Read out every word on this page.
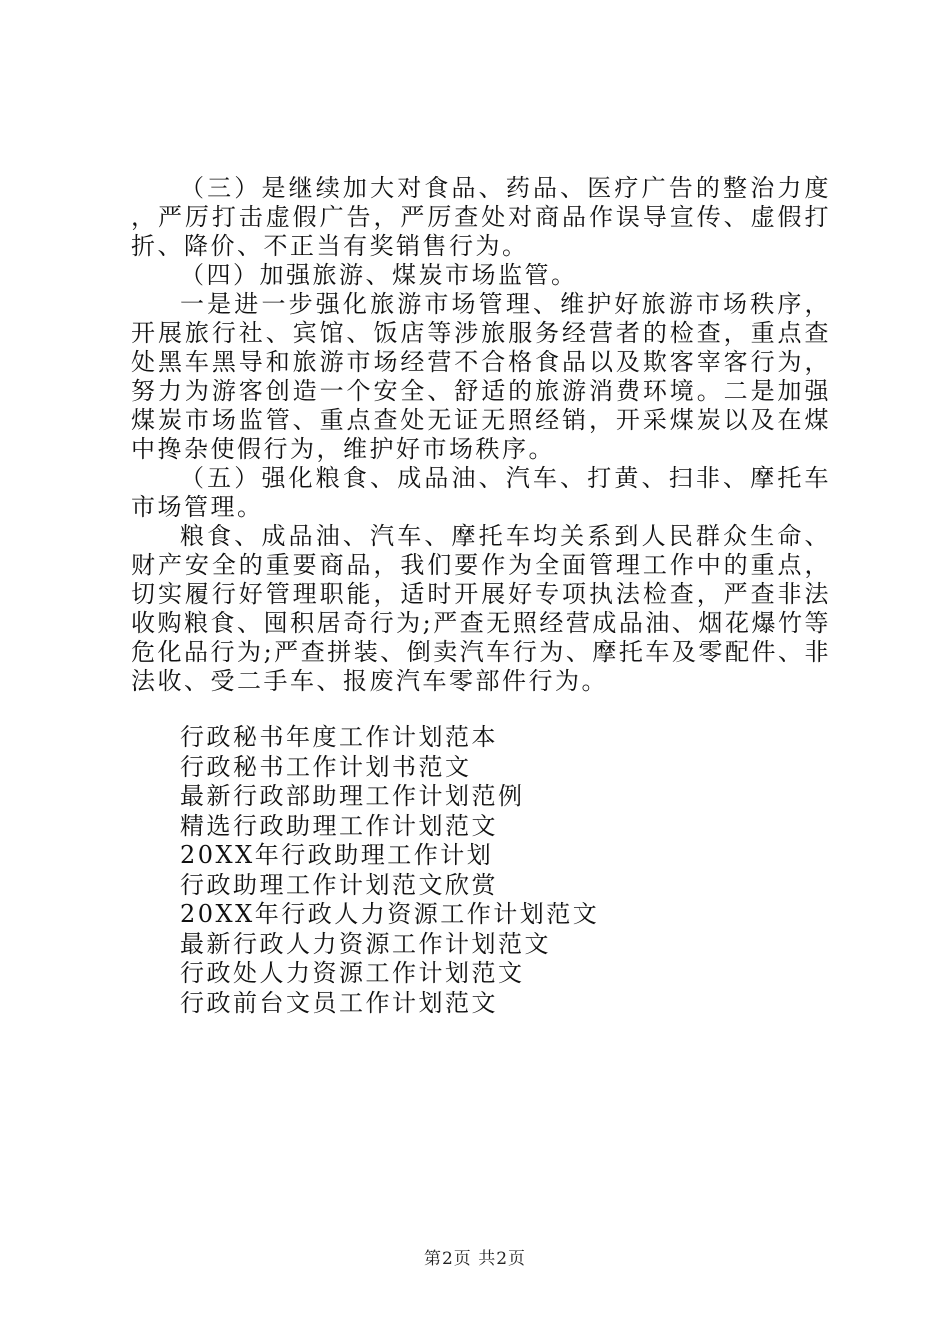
（三）是继续加大对食品、药品、医疗广告的整治力度，严厉打击虚假广告，严厉查处对商品作误导宣传、虚假打折、降价、不正当有奖销售行为。

（四）加强旅游、煤炭市场监管。

一是进一步强化旅游市场管理、维护好旅游市场秩序，开展旅行社、宾馆、饭店等涉旅服务经营者的检查，重点查处黑车黑导和旅游市场经营不合格食品以及欺客宰客行为，努力为游客创造一个安全、舒适的旅游消费环境。二是加强煤炭市场监管、重点查处无证无照经销，开采煤炭以及在煤中搀杂使假行为，维护好市场秩序。

（五）强化粮食、成品油、汽车、打黄、扫非、摩托车市场管理。

粮食、成品油、汽车、摩托车均关系到人民群众生命、财产安全的重要商品，我们要作为全面管理工作中的重点，切实履行好管理职能，适时开展好专项执法检查，严查非法收购粮食、囤积居奇行为;严查无照经营成品油、烟花爆竹等危化品行为;严查拼装、倒卖汽车行为、摩托车及零配件、非法收、受二手车、报废汽车零部件行为。

行政秘书年度工作计划范本

行政秘书工作计划书范文

最新行政部助理工作计划范例

精选行政助理工作计划范文

20XX年行政助理工作计划

行政助理工作计划范文欣赏

20XX年行政人力资源工作计划范文

最新行政人力资源工作计划范文

行政处人力资源工作计划范文

行政前台文员工作计划范文

第2页 共2页
